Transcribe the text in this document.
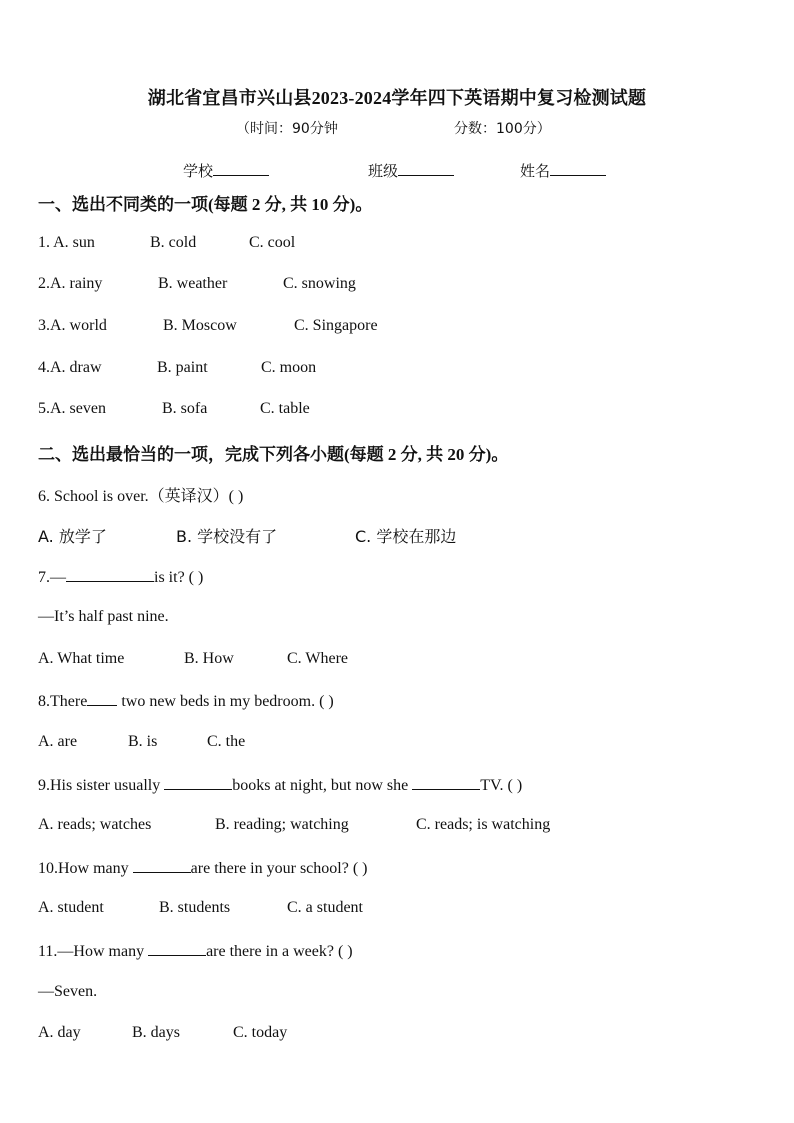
湖北省宜昌市兴山县2023-2024学年四下英语期中复习检测试题
（时间：90分钟	分数：100分）
学校	班级	姓名
一、选出不同类的一项(每题 2 分, 共 10 分)。
1. A. sun	B. cold	C. cool
2.A. rainy	B. weather	C. snowing
3.A. world	B. Moscow	C. Singapore
4.A. draw	B. paint	C. moon
5.A. seven	B. sofa	C. table
二、选出最恰当的一项，完成下列各小题(每题 2 分, 共 20 分)。
6. School is over.（英译汉）( )
A. 放学了	B. 学校没有了	C. 学校在那边
7.—	is it? ( )
—It’s half past nine.
A. What time	B. How	C. Where
8.There two new beds in my bedroom. ( )
A. are	B. is	C. the
9.His sister usually	books at night, but now she	TV. ( )
A. reads; watches	B. reading; watching	C. reads; is watching
10.How many	are there in your school? ( )
A. student	B. students	C. a student
11.—How many	are there in a week? ( )
—Seven.
A. day	B. days	C. today
